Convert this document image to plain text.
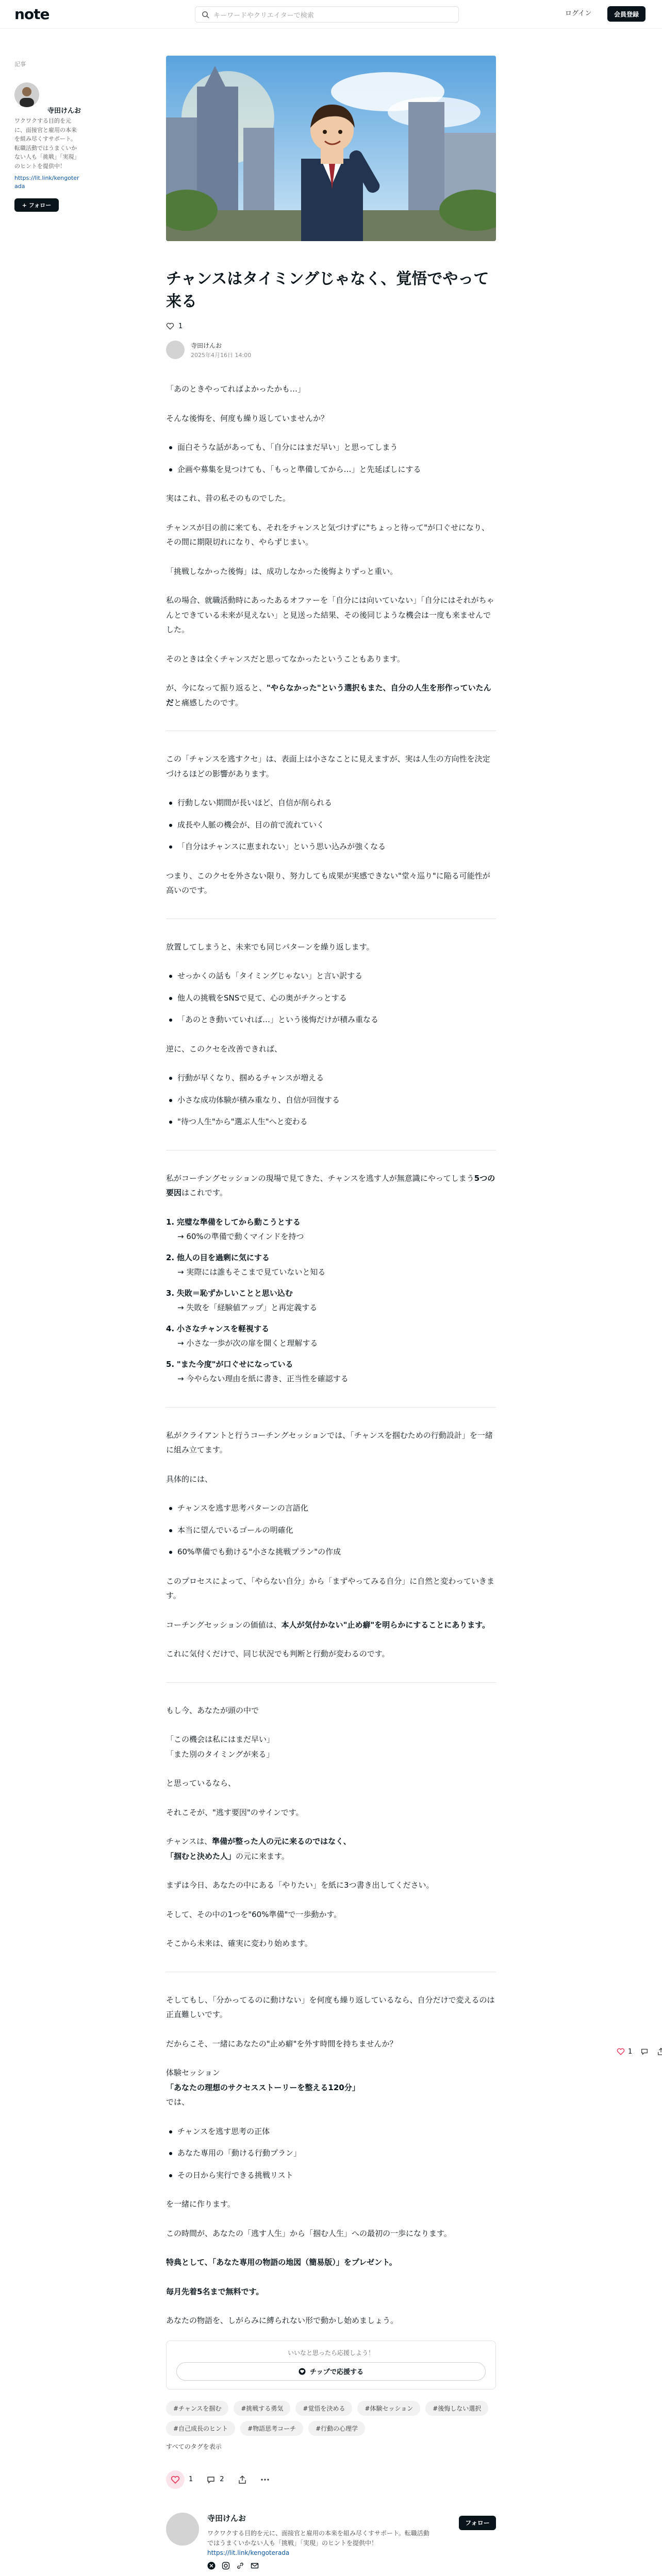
note	キーワードやクリエイターで検索	ログイン	会員登録
記事
寺田けんお
ワクワクする目的を元に、面接官と雇用の本来を組み尽くすサポート。転職活動ではうまくいかない人も「挑戦」「実現」のヒントを提供中！
https://lit.link/kengoterada
+ フォロー
チャンスはタイミングじゃなく、覚悟でやって来る
1
寺田けんお
2025年4月16日 14:00

「あのときやってればよかったかも…」

そんな後悔を、何度も繰り返していませんか？

面白そうな話があっても、「自分にはまだ早い」と思ってしまう
企画や募集を見つけても、「もっと準備してから…」と先延ばしにする

実はこれ、昔の私そのものでした。

チャンスが目の前に来ても、それをチャンスと気づけずに"ちょっと待って"が口ぐせになり、その間に期限切れになり、やらずじまい。

「挑戦しなかった後悔」は、成功しなかった後悔よりずっと重い。

私の場合、就職活動時にあったあるオファーを「自分には向いていない」「自分にはそれがちゃんとできている未来が見えない」と見送った結果、その後同じような機会は一度も来ませんでした。

そのときは全くチャンスだと思ってなかったということもあります。

が、今になって振り返ると、"やらなかった"という選択もまた、自分の人生を形作っていたんだと痛感したのです。

この「チャンスを逃すクセ」は、表面上は小さなことに見えますが、実は人生の方向性を決定づけるほどの影響があります。

行動しない期間が長いほど、自信が削られる
成長や人脈の機会が、目の前で流れていく
「自分はチャンスに恵まれない」という思い込みが強くなる

つまり、このクセを外さない限り、努力しても成果が実感できない"堂々巡り"に陥る可能性が高いのです。

放置してしまうと、未来でも同じパターンを繰り返します。

せっかくの話も「タイミングじゃない」と言い訳する
他人の挑戦をSNSで見て、心の奥がチクっとする
「あのとき動いていれば…」という後悔だけが積み重なる

逆に、このクセを改善できれば、

行動が早くなり、掴めるチャンスが増える
小さな成功体験が積み重なり、自信が回復する
"待つ人生"から"選ぶ人生"へと変わる

私がコーチングセッションの現場で見てきた、チャンスを逃す人が無意識にやってしまう5つの要因はこれです。

1. 完璧な準備をしてから動こうとする
→ 60%の準備で動くマインドを持つ
2. 他人の目を過剰に気にする
→ 実際には誰もそこまで見ていないと知る
3. 失敗＝恥ずかしいことと思い込む
→ 失敗を「経験値アップ」と再定義する
4. 小さなチャンスを軽視する
→ 小さな一歩が次の扉を開くと理解する
5. "また今度"が口ぐせになっている
→ 今やらない理由を紙に書き、正当性を確認する

私がクライアントと行うコーチングセッションでは、「チャンスを掴むための行動設計」を一緒に組み立てます。

具体的には、

チャンスを逃す思考パターンの言語化
本当に望んでいるゴールの明確化
60%準備でも動ける"小さな挑戦プラン"の作成

このプロセスによって、「やらない自分」から「まずやってみる自分」に自然と変わっていきます。

コーチングセッションの価値は、本人が気付かない"止め癖"を明らかにすることにあります。

これに気付くだけで、同じ状況でも判断と行動が変わるのです。

もし今、あなたが頭の中で

「この機会は私にはまだ早い」
「また別のタイミングが来る」

と思っているなら、

それこそが、"逃す要因"のサインです。

チャンスは、準備が整った人の元に来るのではなく、
「掴むと決めた人」の元に来ます。

まずは今日、あなたの中にある「やりたい」を紙に3つ書き出してください。

そして、その中の1つを"60%準備"で一歩動かす。

そこから未来は、確実に変わり始めます。

そしてもし、「分かってるのに動けない」を何度も繰り返しているなら、自分だけで変えるのは正直難しいです。

だからこそ、一緒にあなたの"止め癖"を外す時間を持ちませんか？

体験セッション

「あなたの理想のサクセスストーリーを整える120分」

では、

チャンスを逃す思考の正体
あなた専用の「動ける行動プラン」
その日から実行できる挑戦リスト

を一緒に作ります。

この時間が、あなたの「逃す人生」から「掴む人生」への最初の一歩になります。

特典として、「あなた専用の物語の地図（簡易版）」をプレゼント。

毎月先着5名まで無料です。

あなたの物語を、しがらみに縛られない形で動かし始めましょう。

いいなと思ったら応援しよう！
チップで応援する
#チャンスを掴む	#挑戦する勇気	#覚悟を決める	#体験セッション	#後悔しない選択
#自己成長のヒント	#物語思考コーチ	#行動の心理学
すべてのタグを表示
1	2
寺田けんお
ワクワクする目的を元に、面接官と雇用の本来を組み尽くすサポート。転職活動ではうまくいかない人も「挑戦」「実現」のヒントを提供中！
https://lit.link/kengoterada
フォロー
1
